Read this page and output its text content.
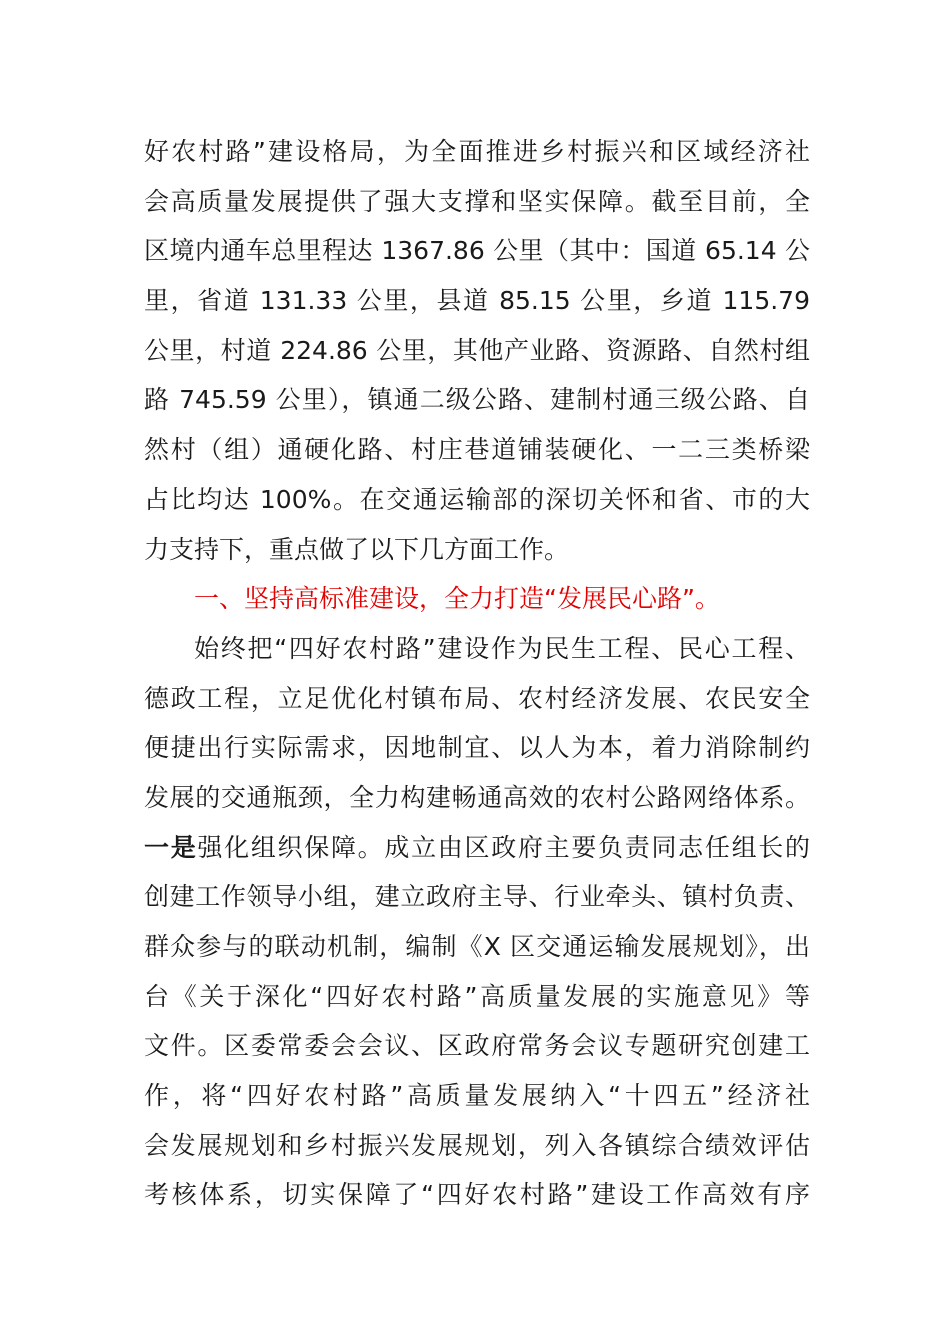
好农村路”建设格局，为全面推进乡村振兴和区域经济社
会高质量发展提供了强大支撑和坚实保障。截至目前，全
区境内通车总里程达 1367.86 公里（其中：国道 65.14 公
里，省道 131.33 公里，县道 85.15 公里，乡道 115.79
公里，村道 224.86 公里，其他产业路、资源路、自然村组
路 745.59 公里），镇通二级公路、建制村通三级公路、自
然村（组）通硬化路、村庄巷道铺装硬化、一二三类桥梁
占比均达 100%。在交通运输部的深切关怀和省、市的大
力支持下，重点做了以下几方面工作。
一、坚持高标准建设，全力打造“发展民心路”。
始终把“四好农村路”建设作为民生工程、民心工程、
德政工程，立足优化村镇布局、农村经济发展、农民安全
便捷出行实际需求，因地制宜、以人为本，着力消除制约
发展的交通瓶颈，全力构建畅通高效的农村公路网络体系。
一是强化组织保障。成立由区政府主要负责同志任组长的
创建工作领导小组，建立政府主导、行业牵头、镇村负责、
群众参与的联动机制，编制《X 区交通运输发展规划》，出
台《关于深化“四好农村路”高质量发展的实施意见》等
文件。区委常委会会议、区政府常务会议专题研究创建工
作，将“四好农村路”高质量发展纳入“十四五”经济社
会发展规划和乡村振兴发展规划，列入各镇综合绩效评估
考核体系，切实保障了“四好农村路”建设工作高效有序
